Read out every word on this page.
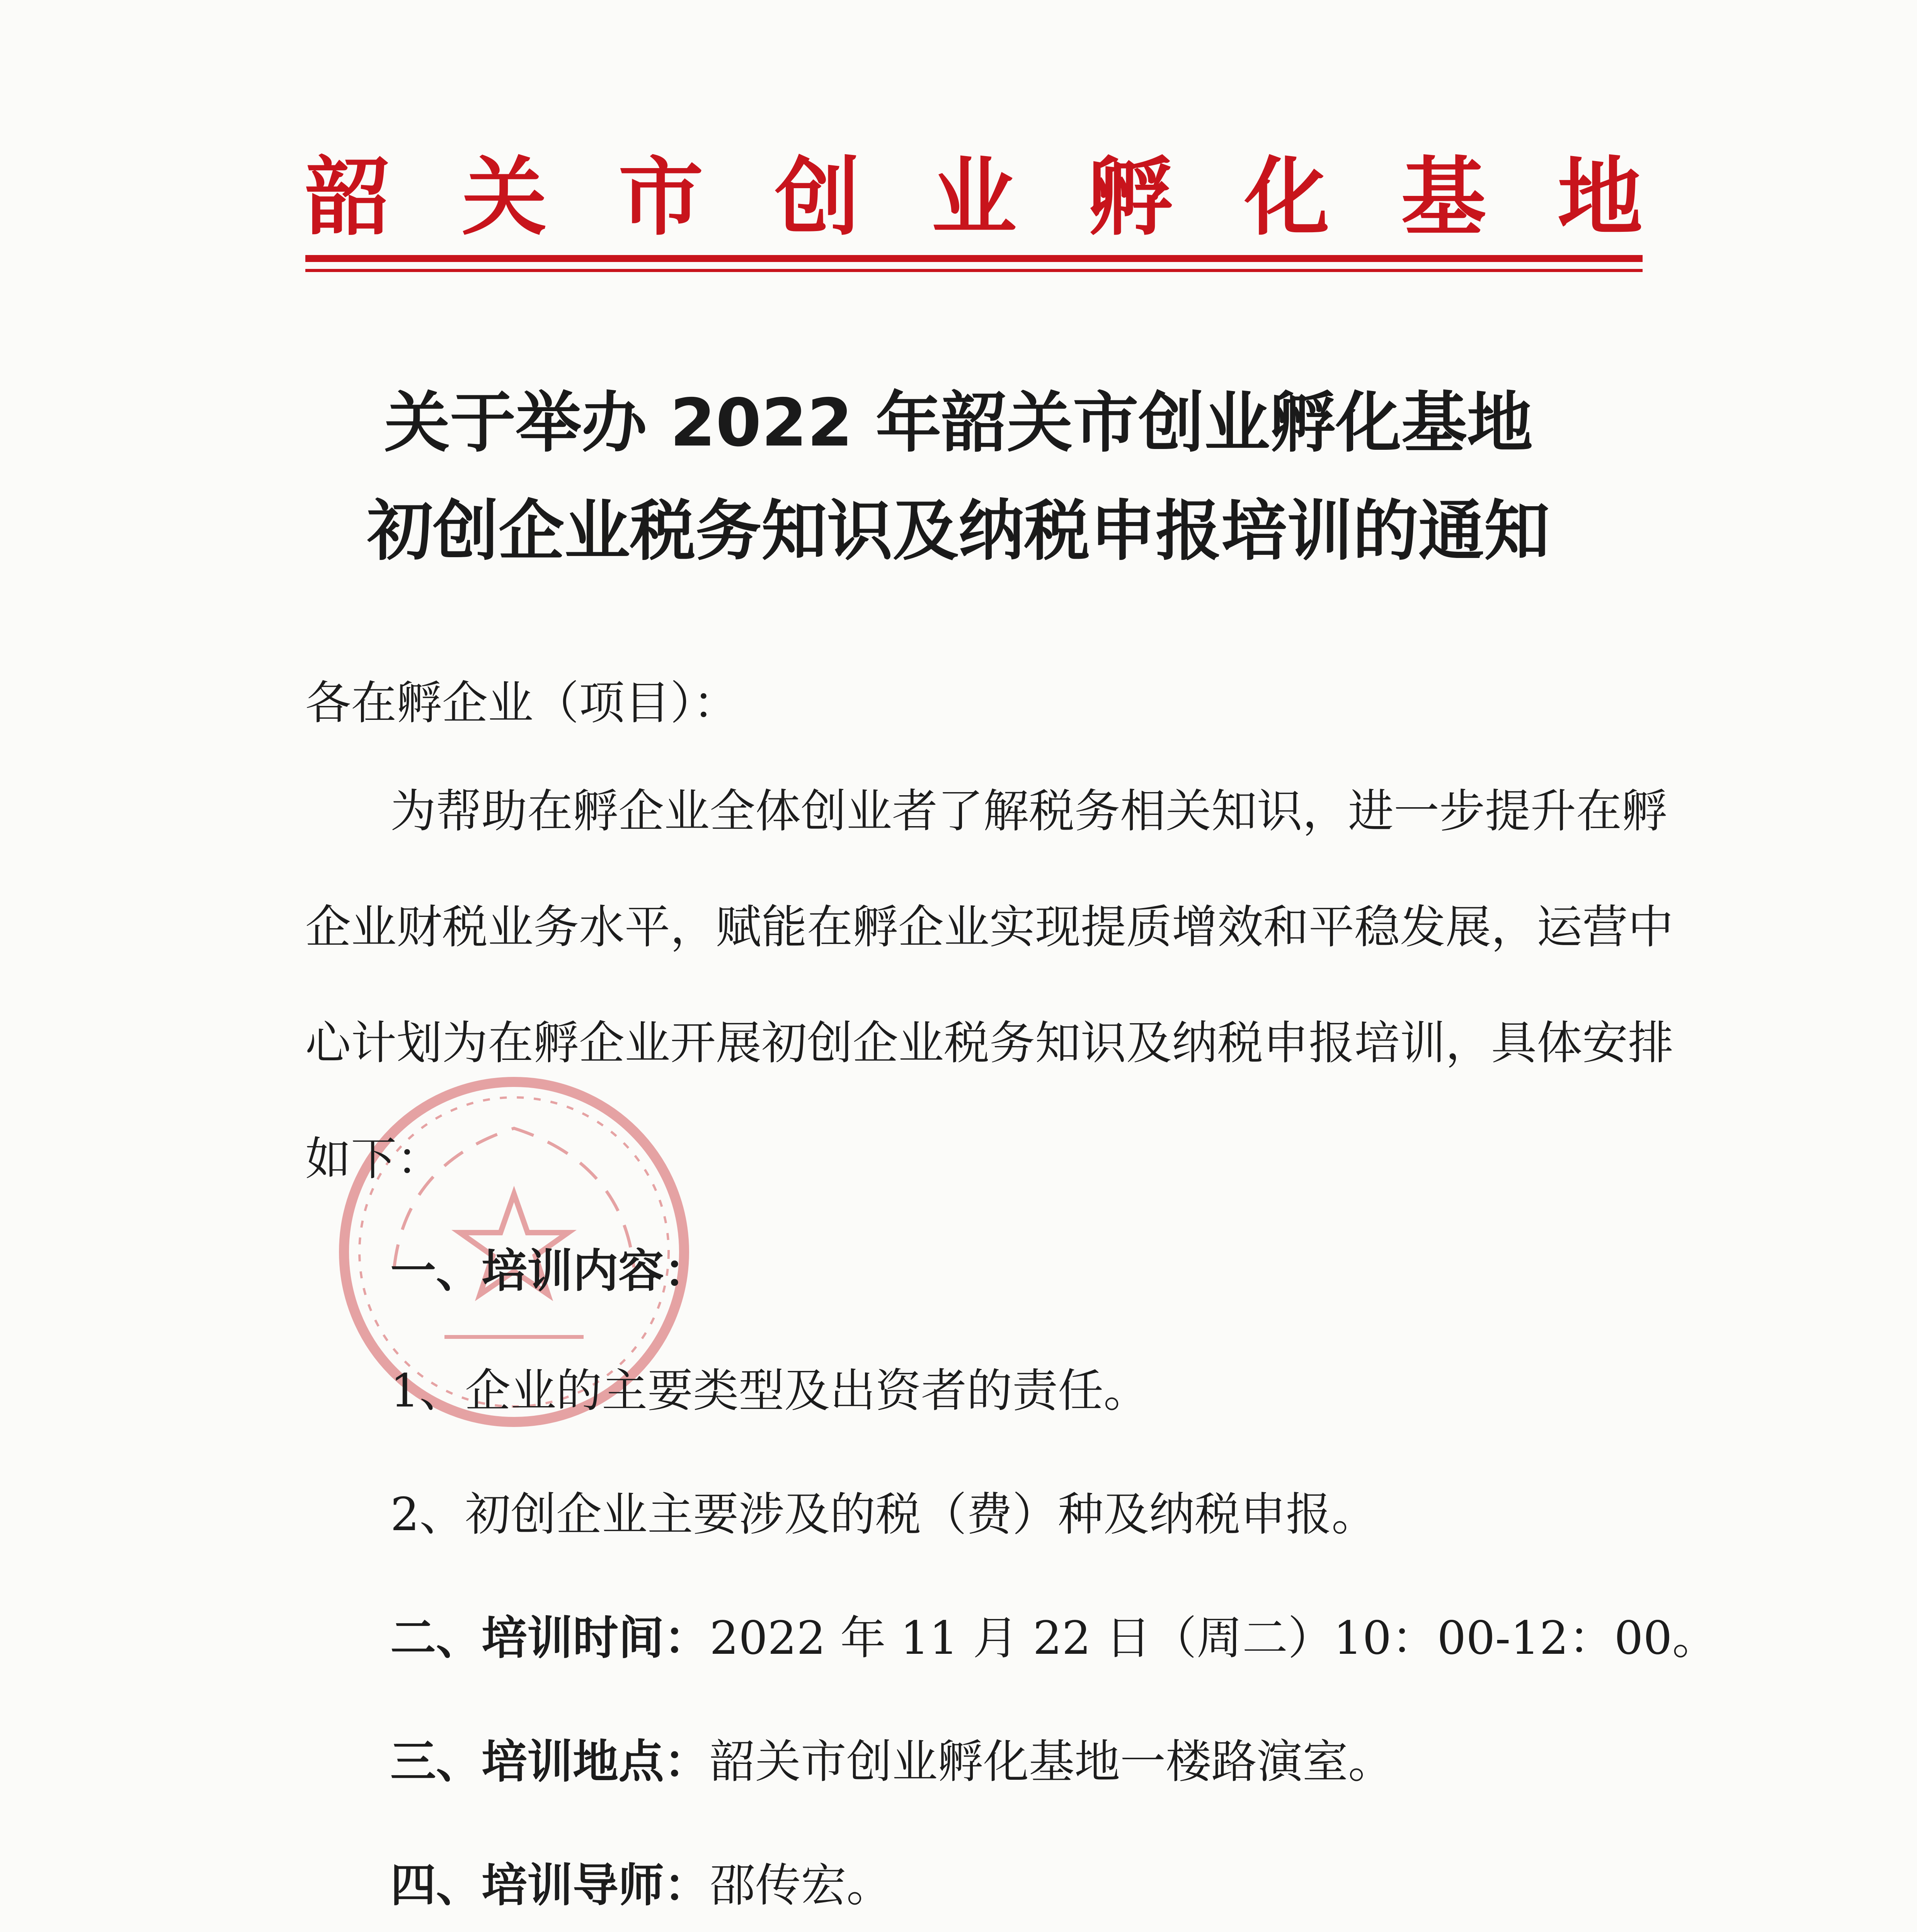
韶 关 市 创 业 孵 化 基 地
关于举办 2022 年韶关市创业孵化基地
初创企业税务知识及纳税申报培训的通知
各在孵企业（项目）：
为帮助在孵企业全体创业者了解税务相关知识，进一步提升在孵
企业财税业务水平，赋能在孵企业实现提质增效和平稳发展，运营中
心计划为在孵企业开展初创企业税务知识及纳税申报培训，具体安排
如下：
一、培训内容：
1、企业的主要类型及出资者的责任。
2、初创企业主要涉及的税（费）种及纳税申报。
二、培训时间：2022 年 11 月 22 日（周二）10：00-12：00。
三、培训地点：韶关市创业孵化基地一楼路演室。
四、培训导师：邵传宏。
